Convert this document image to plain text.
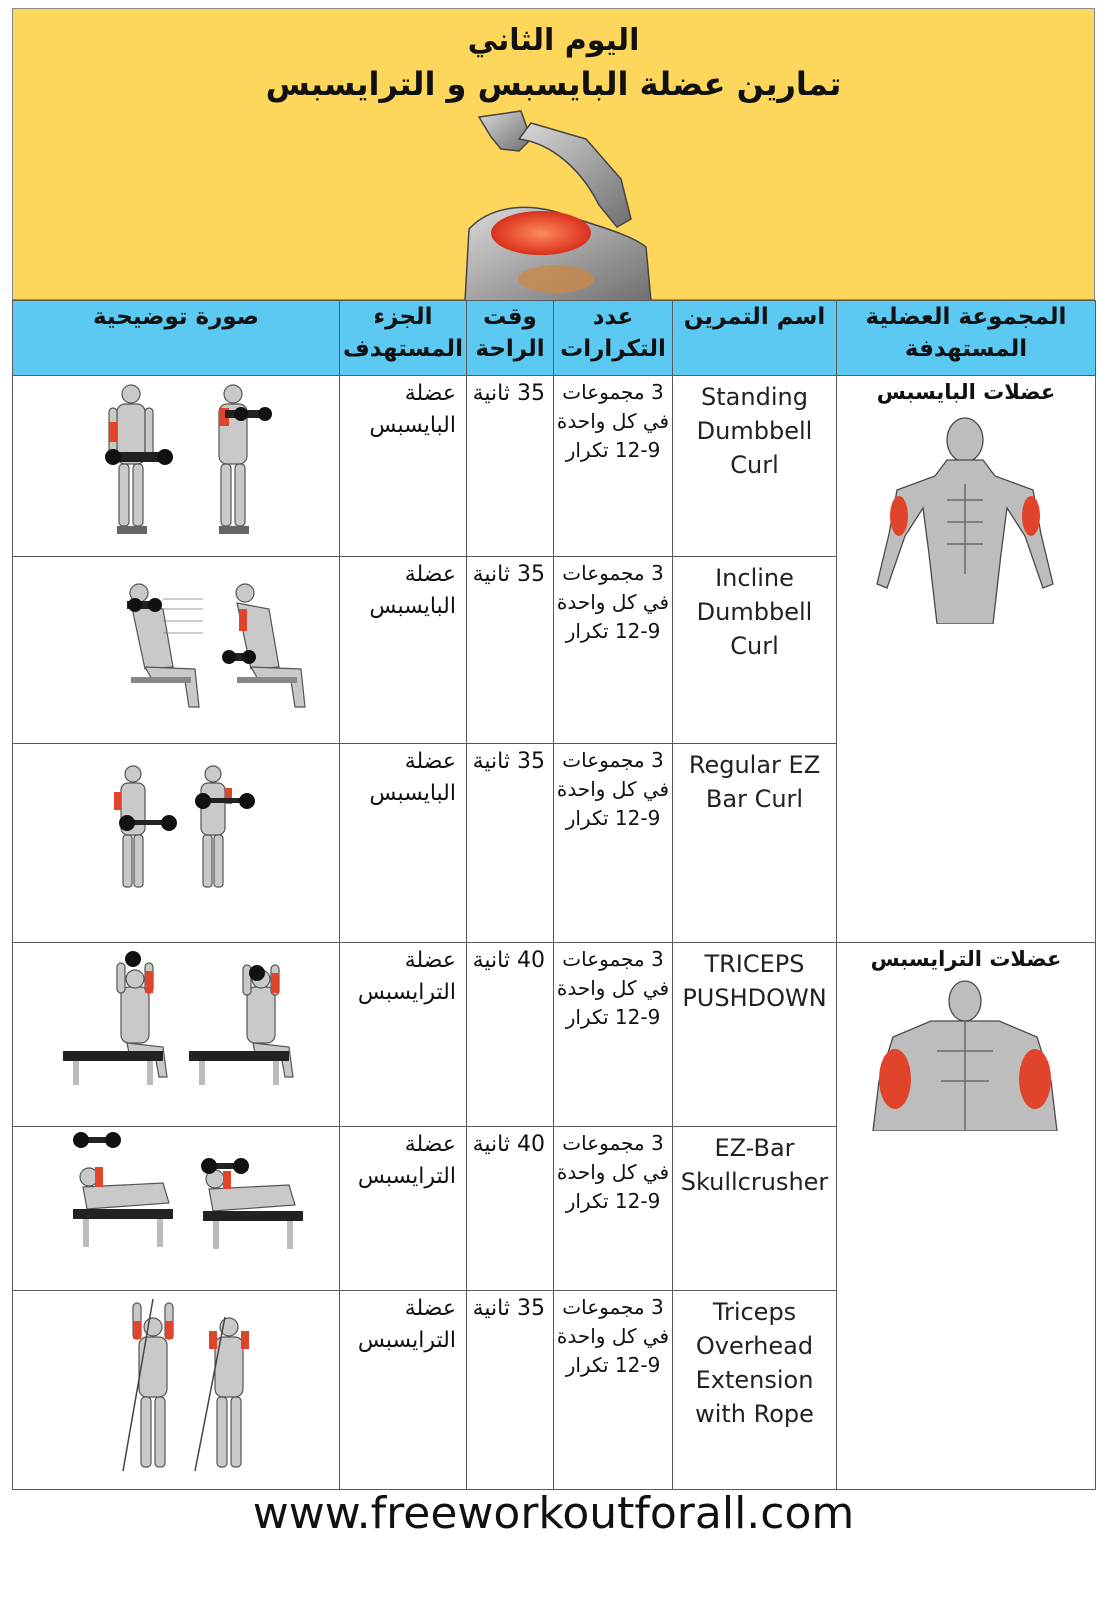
اليوم الثاني
تمارين عضلة البايسبس و الترايسبس
صورة توضيحية	الجزء المستهدف	وقت الراحة	عدد التكرارات	اسم التمرين	المجموعة العضلية المستهدفة

	عضلة البايسبس	35 ثانية	3 مجموعات في كل واحدة 9-12 تكرار	Standing Dumbbell Curl	عضلات البايسبس

	عضلة البايسبس	35 ثانية	3 مجموعات في كل واحدة 9-12 تكرار	Incline Dumbbell Curl	

	عضلة البايسبس	35 ثانية	3 مجموعات في كل واحدة 9-12 تكرار	Regular EZ Bar Curl	

	عضلة الترايسبس	40 ثانية	3 مجموعات في كل واحدة 9-12 تكرار	TRICEPS PUSHDOWN	عضلات الترايسبس

	عضلة الترايسبس	40 ثانية	3 مجموعات في كل واحدة 9-12 تكرار	EZ-Bar Skullcrusher	

	عضلة الترايسبس	35 ثانية	3 مجموعات في كل واحدة 9-12 تكرار	Triceps Overhead Extension with Rope	
www.freeworkoutforall.com
